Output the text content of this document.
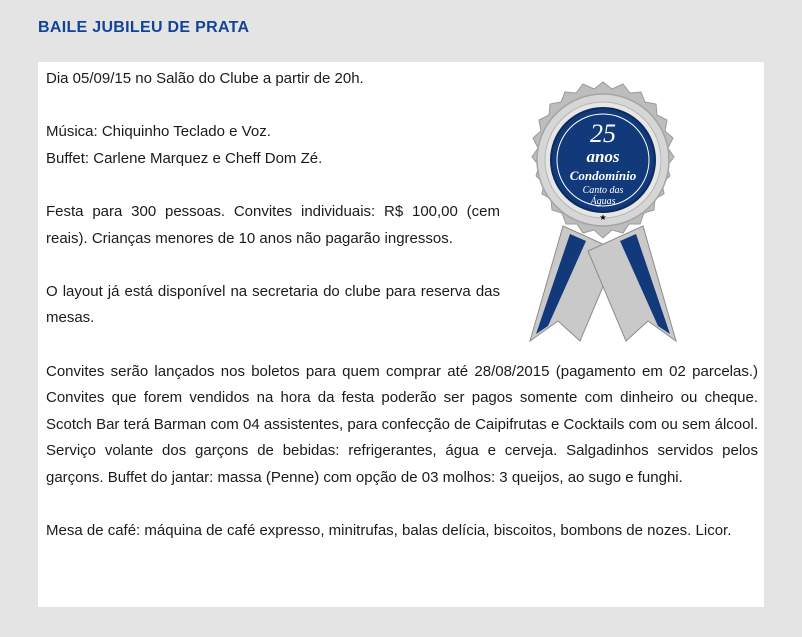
BAILE JUBILEU DE PRATA

Dia 05/09/15 no Salão do Clube a partir de 20h.

Música: Chiquinho Teclado e Voz.
Buffet: Carlene Marquez e Cheff Dom Zé.

Festa para 300 pessoas. Convites individuais: R$ 100,00 (cem reais). Crianças menores de 10 anos não pagarão ingressos.

O layout já está disponível na secretaria do clube para reserva das mesas.

Convites serão lançados nos boletos para quem comprar até 28/08/2015 (pagamento em 02 parcelas.) Convites que forem vendidos na hora da festa poderão ser pagos somente com dinheiro ou cheque. Scotch Bar terá Barman com 04 assistentes, para confecção de Caipifrutas e Cocktails com ou sem álcool. Serviço volante dos garçons de bebidas: refrigerantes, água e cerveja. Salgadinhos servidos pelos garçons. Buffet do jantar: massa (Penne) com opção de 03 molhos: 3 queijos, ao sugo e funghi.

Mesa de café: máquina de café expresso, minitrufas, balas delícia, biscoitos, bombons de nozes. Licor.

25
anos
Condomínio
Canto das
Águas
★
